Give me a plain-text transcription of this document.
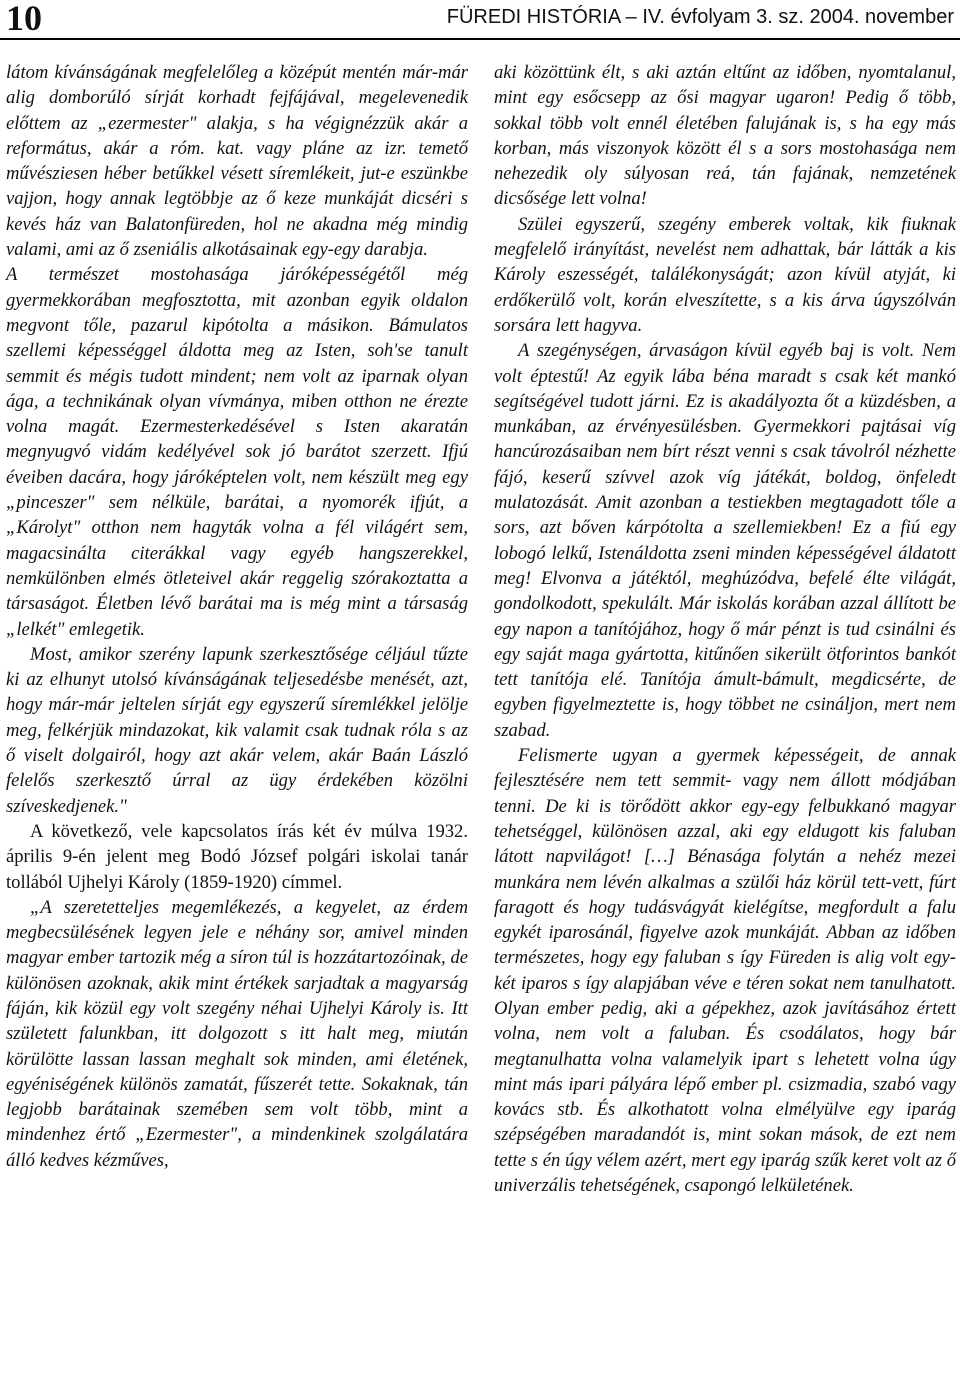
10	FÜREDI HISTÓRIA – IV. évfolyam 3. sz. 2004. november

látom kívánságának megfelelőleg a középút mentén már-már alig domborúló sírját korhadt fejfájával, megelevenedik előttem az „ezermester" alakja, s ha végignézzük akár a református, akár a róm. kat. vagy pláne az izr. temető művésziesen héber betűkkel vésett síremlékeit, jut-e eszünkbe vajjon, hogy annak legtöbbje az ő keze munkáját dicséri s kevés ház van Balatonfüreden, hol ne akadna még mindig valami, ami az ő zseniális alkotásainak egy-egy darabja.

A természet mostohasága járóképességétől még gyermekkorában megfosztotta, mit azonban egyik oldalon megvont tőle, pazarul kipótolta a másikon. Bámulatos szellemi képességgel áldotta meg az Isten, soh'se tanult semmit és mégis tudott mindent; nem volt az iparnak olyan ága, a technikának olyan vívmánya, miben otthon ne érezte volna magát. Ezermesterkedésével s Isten akaratán megnyugvó vidám kedélyével sok jó barátot szerzett. Ifjú éveiben dacára, hogy járóképtelen volt, nem készült meg egy „pinceszer" sem nélküle, barátai, a nyomorék ifjút, a „Károlyt" otthon nem hagyták volna a fél világért sem, magacsinálta citerákkal vagy egyéb hangszerekkel, nemkülönben elmés ötleteivel akár reggelig szórakoztatta a társaságot. Életben lévő barátai ma is még mint a társaság „lelkét" emlegetik.

Most, amikor szerény lapunk szerkesztősége céljául tűzte ki az elhunyt utolsó kívánságának teljesedésbe menését, azt, hogy már-már jeltelen sírját egy egyszerű síremlékkel jelölje meg, felkérjük mindazokat, kik valamit csak tudnak róla s az ő viselt dolgairól, hogy azt akár velem, akár Baán László felelős szerkesztő úrral az ügy érdekében közölni szíveskedjenek."

A következő, vele kapcsolatos írás két év múlva 1932. április 9-én jelent meg Bodó József polgári iskolai tanár tollából Ujhelyi Károly (1859-1920) címmel.

„A szeretetteljes megemlékezés, a kegyelet, az érdem megbecsülésének legyen jele e néhány sor, amivel minden magyar ember tartozik még a síron túl is hozzátartozóinak, de különösen azoknak, akik mint értékek sarjadtak a magyarság fáján, kik közül egy volt szegény néhai Ujhelyi Károly is. Itt született falunkban, itt dolgozott s itt halt meg, miután körülötte lassan lassan meghalt sok minden, ami életének, egyéniségének különös zamatát, fűszerét tette. Sokaknak, tán legjobb barátainak szemében sem volt több, mint a mindenhez értő „Ezermester", a mindenkinek szolgálatára álló kedves kézműves,

aki közöttünk élt, s aki aztán eltűnt az időben, nyomtalanul, mint egy esőcsepp az ősi magyar ugaron! Pedig ő több, sokkal több volt ennél életében falujának is, s ha egy más korban, más viszonyok között él s a sors mostohasága nem nehezedik oly súlyosan reá, tán fajának, nemzetének dicsősége lett volna!

Szülei egyszerű, szegény emberek voltak, kik fiuknak megfelelő irányítást, nevelést nem adhattak, bár látták a kis Károly eszességét, találékonyságát; azon kívül atyját, ki erdőkerülő volt, korán elveszítette, s a kis árva úgyszólván sorsára lett hagyva.

A szegénységen, árvaságon kívül egyéb baj is volt. Nem volt éptestű! Az egyik lába béna maradt s csak két mankó segítségével tudott járni. Ez is akadályozta őt a küzdésben, a munkában, az érvényesülésben. Gyermekkori pajtásai víg hancúrozásaiban nem bírt részt venni s csak távolról nézhette fájó, keserű szívvel azok víg játékát, boldog, önfeledt mulatozását. Amit azonban a testiekben megtagadott tőle a sors, azt bőven kárpótolta a szellemiekben! Ez a fiú egy lobogó lelkű, Istenáldotta zseni minden képességével áldatott meg! Elvonva a játéktól, meghúzódva, befelé élte világát, gondolkodott, spekulált. Már iskolás korában azzal állított be egy napon a tanítójához, hogy ő már pénzt is tud csinálni és egy saját maga gyártotta, kitűnően sikerült ötforintos bankót tett tanítója elé. Tanítója ámult-bámult, megdicsérte, de egyben figyelmeztette is, hogy többet ne csináljon, mert nem szabad.

Felismerte ugyan a gyermek képességeit, de annak fejlesztésére nem tett semmit- vagy nem állott módjában tenni. De ki is törődött akkor egy-egy felbukkanó magyar tehetséggel, különösen azzal, aki egy eldugott kis faluban látott napvilágot! […] Bénasága folytán a nehéz mezei munkára nem lévén alkalmas a szülői ház körül tett-vett, fúrt faragott és hogy tudásvágyát kielégítse, megfordult a falu egykét iparosánál, figyelve azok munkáját. Abban az időben természetes, hogy egy faluban s így Füreden is alig volt egy-két iparos s így alapjában véve e téren sokat nem tanulhatott. Olyan ember pedig, aki a gépekhez, azok javításához értett volna, nem volt a faluban. És csodálatos, hogy bár megtanulhatta volna valamelyik ipart s lehetett volna úgy mint más ipari pályára lépő ember pl. csizmadia, szabó vagy kovács stb. És alkothatott volna elmélyülve egy iparág szépségében maradandót is, mint sokan mások, de ezt nem tette s én úgy vélem azért, mert egy iparág szűk keret volt az ő univerzális tehetségének, csapongó lelkületének.
